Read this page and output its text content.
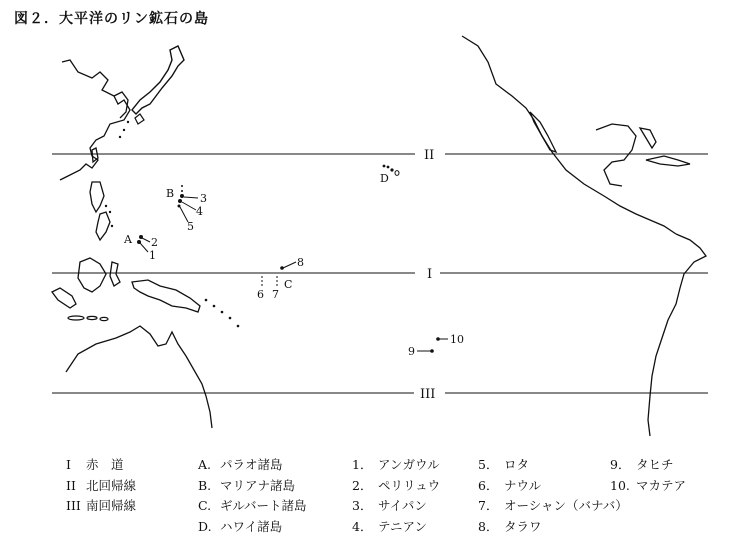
図２．大平洋のリン鉱石の島
II
I
III
A 2
1
B 3
4
5
6 7
C
8
D
10
9
I 赤　道
II 北回帰線
III 南回帰線
A. パラオ諸島
B. マリアナ諸島
C. ギルバート諸島
D. ハワイ諸島
1． アンガウル
2． ペリリュウ
3． サイパン
4． テニアン
5． ロタ
6． ナウル
7． オーシャン（バナバ）
8． タラワ
9． タヒチ
10. マカテア
